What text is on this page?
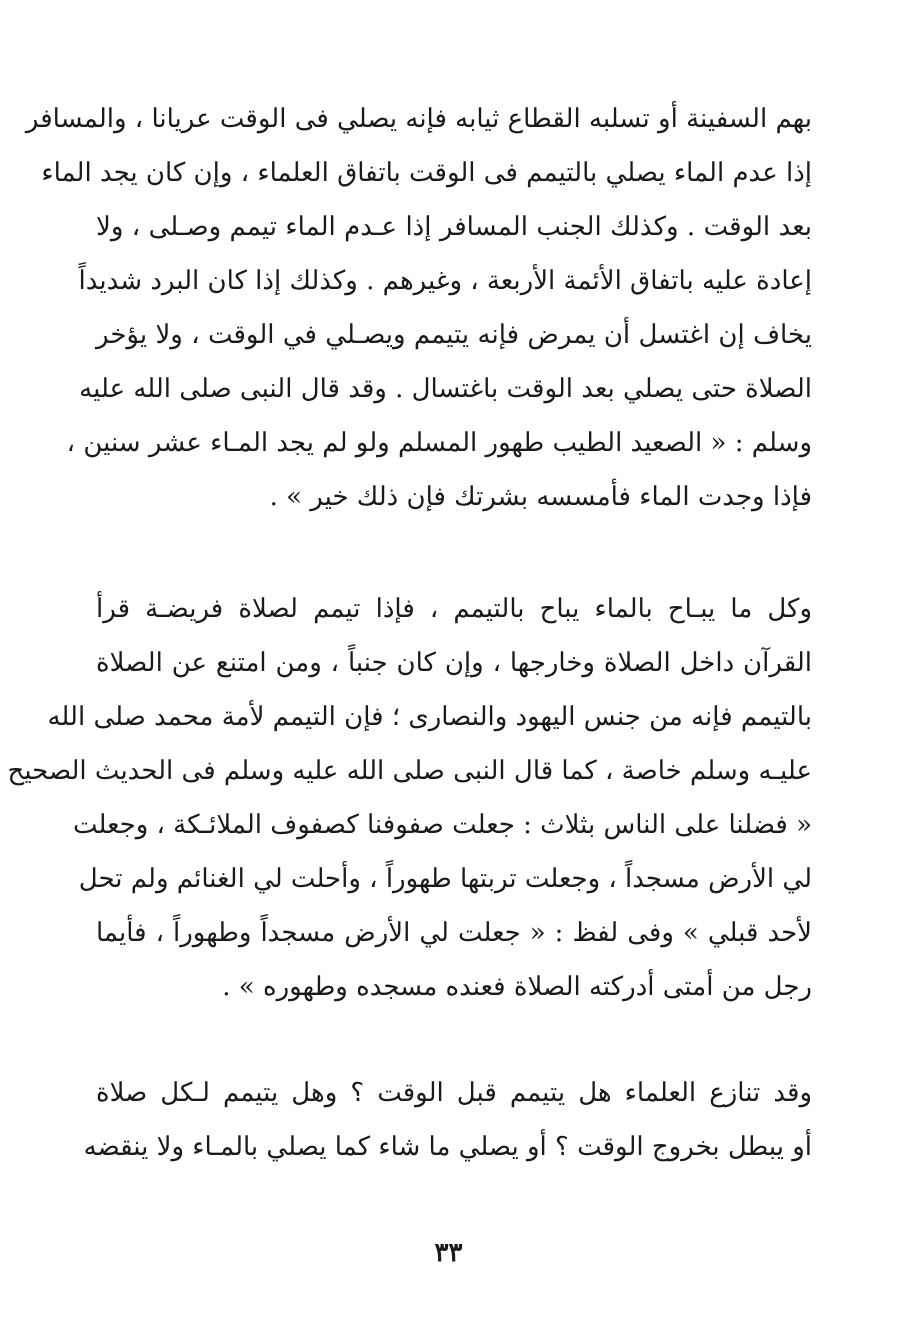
بهم السفينة أو تسلبه القطاع ثيابه فإنه يصلي فى الوقت عريانا ، والمسافر
إذا عدم الماء يصلي بالتيمم فى الوقت باتفاق العلماء ، وإن كان يجد الماء
بعد الوقت . وكذلك الجنب المسافر إذا عـدم الماء تيمم وصـلى ، ولا
إعادة عليه باتفاق الأئمة الأربعة ، وغيرهم . وكذلك إذا كان البرد شديداً
يخاف إن اغتسل أن يمرض فإنه يتيمم ويصـلي في الوقت ، ولا يؤخر
الصلاة حتى يصلي بعد الوقت باغتسال . وقد قال النبى صلى الله عليه
وسلم : « الصعيد الطيب طهور المسلم ولو لم يجد المـاء عشر سنين ،
فإذا وجدت الماء فأمسسه بشرتك فإن ذلك خير » .
وكل ما يبـاح بالماء يباح بالتيمم ، فإذا تيمم لصلاة فريضـة قرأ
القرآن داخل الصلاة وخارجها ، وإن كان جنباً ، ومن امتنع عن الصلاة
بالتيمم فإنه من جنس اليهود والنصارى ؛ فإن التيمم لأمة محمد صلى الله
عليـه وسلم خاصة ، كما قال النبى صلى الله عليه وسلم فى الحديث الصحيح
« فضلنا على الناس بثلاث : جعلت صفوفنا كصفوف الملائـكة ، وجعلت
لي الأرض مسجداً ، وجعلت تربتها طهوراً ، وأحلت لي الغنائم ولم تحل
لأحد قبلي » وفى لفظ : « جعلت لي الأرض مسجداً وطهوراً ، فأيما
رجل من أمتى أدركته الصلاة فعنده مسجده وطهوره » .
وقد تنازع العلماء هل يتيمم قبل الوقت ؟ وهل يتيمم لـكل صلاة
أو يبطل بخروج الوقت ؟ أو يصلي ما شاء كما يصلي بالمـاء ولا ينقضه
٣٣
